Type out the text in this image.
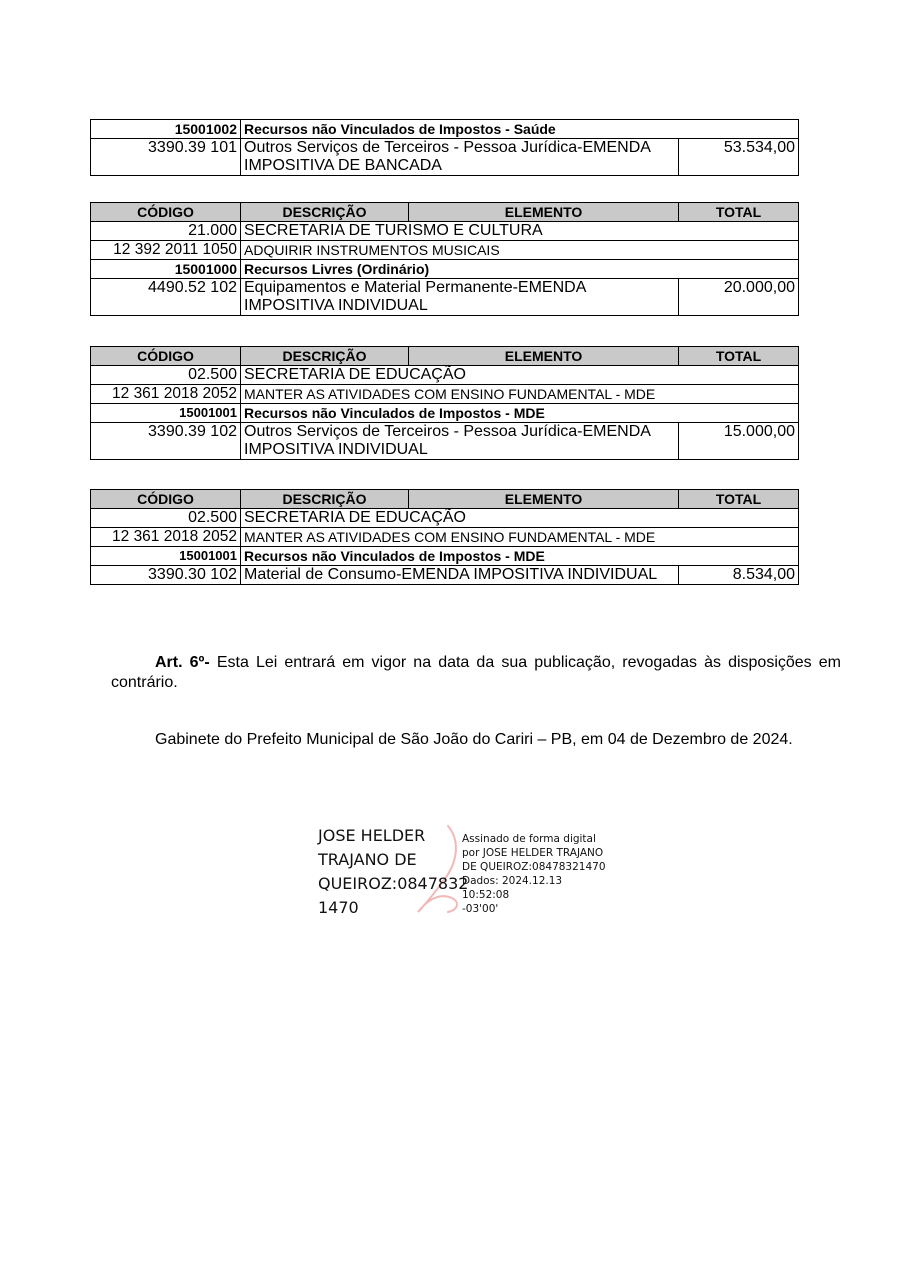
15001002	Recursos não Vinculados de Impostos - Saúde	
3390.39 101	Outros Serviços de Terceiros - Pessoa Jurídica-EMENDA IMPOSITIVA DE BANCADA	53.534,00
CÓDIGO	DESCRIÇÃO	ELEMENTO	TOTAL
21.000	SECRETARIA DE TURISMO E CULTURA		
12 392 2011 1050	ADQUIRIR INSTRUMENTOS MUSICAIS		
15001000	Recursos Livres (Ordinário)		
4490.52 102	Equipamentos e Material Permanente-EMENDA IMPOSITIVA INDIVIDUAL		20.000,00
CÓDIGO	DESCRIÇÃO	ELEMENTO	TOTAL
02.500	SECRETARIA DE EDUCAÇÃO		
12 361 2018 2052	MANTER AS ATIVIDADES COM ENSINO FUNDAMENTAL - MDE		
15001001	Recursos não Vinculados de Impostos - MDE		
3390.39 102	Outros Serviços de Terceiros - Pessoa Jurídica-EMENDA IMPOSITIVA INDIVIDUAL		15.000,00
CÓDIGO	DESCRIÇÃO	ELEMENTO	TOTAL
02.500	SECRETARIA DE EDUCAÇÃO		
12 361 2018 2052	MANTER AS ATIVIDADES COM ENSINO FUNDAMENTAL - MDE		
15001001	Recursos não Vinculados de Impostos - MDE		
3390.30 102	Material de Consumo-EMENDA IMPOSITIVA INDIVIDUAL		8.534,00
Art. 6º- Esta Lei entrará em vigor na data da sua publicação, revogadas às disposições em contrário.
Gabinete do Prefeito Municipal de São João do Cariri – PB, em 04 de Dezembro de 2024.
JOSE HELDER
TRAJANO DE
QUEIROZ:0847832
1470
Assinado de forma digital
por JOSE HELDER TRAJANO
DE QUEIROZ:08478321470
Dados: 2024.12.13 10:52:08
-03'00'
